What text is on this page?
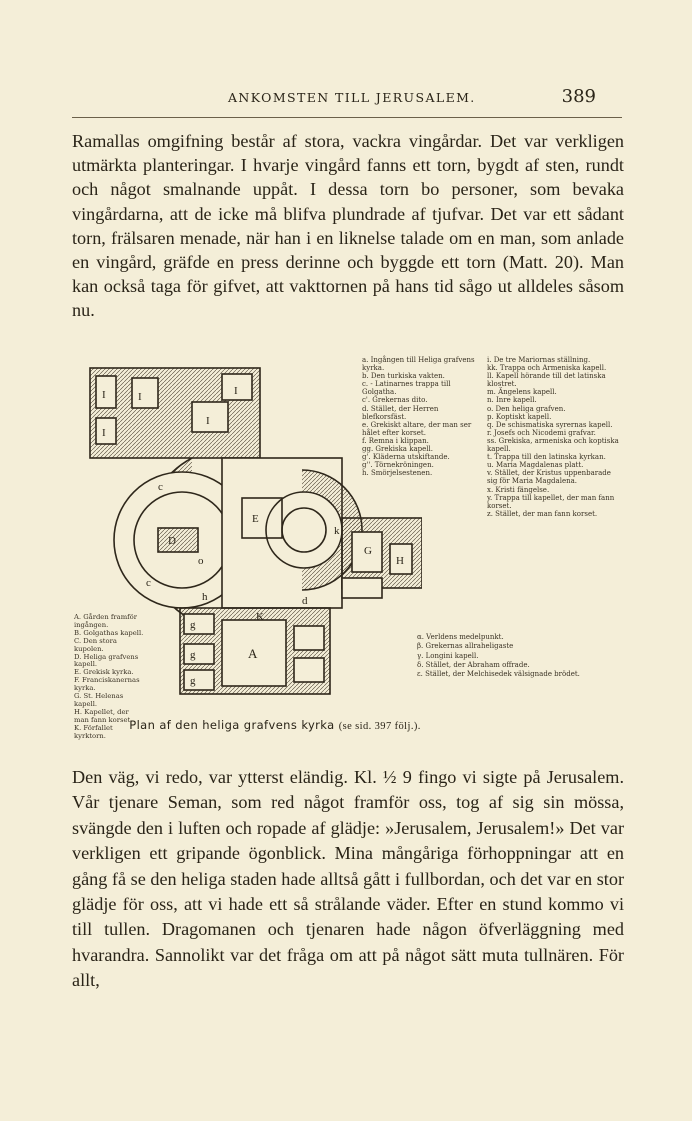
ANKOMSTEN TILL JERUSALEM.	389
Ramallas omgifning består af stora, vackra vingårdar. Det var verkligen utmärkta planteringar. I hvarje vingård fanns ett torn, bygdt af sten, rundt och något smalnande uppåt. I dessa torn bo personer, som bevaka vingårdarna, att de icke må blifva plundrade af tjufvar. Det var ett sådant torn, frälsaren menade, när han i en liknelse talade om en man, som anlade en vingård, gräfde en press derinne och byggde ett torn (Matt. 20). Man kan också taga för gifvet, att vakttornen på hans tid sågo ut alldeles såsom nu.
I
I
I	I
I
D
E
A
g
g
g
G
k
h
o
c
c
d
H
K
a. Ingången till Heliga grafvens kyrka.
b. Den turkiska vakten.
c. - Latinarnes trappa till Golgatha.
c'. Grekernas dito.
d. Stället, der Herren blefkorsfäst.
e. Grekiskt altare, der man ser hålet efter korset.
f. Remna i klippan.
gg. Grekiska kapell.
g'. Kläderna utskiftande.
g''. Törnekröningen.
h. Smörjelsestenen.
i. De tre Mariornas ställning.
kk. Trappa och Armeniska kapell.
ll. Kapell hörande till det latinska klostret.
m. Ängelens kapell.
n. Inre kapell.
o. Den heliga grafven.
p. Koptiskt kapell.
q. De schismatiska syrernas kapell.
r. Josefs och Nicodemi grafvar.
ss. Grekiska, armeniska och koptiska kapell.
t. Trappa till den latinska kyrkan.
u. Maria Magdalenas platt.
v. Stället, der Kristus uppenbarade sig för Maria Magdalena.
x. Kristi fängelse.
y. Trappa till kapellet, der man fann korset.
z. Stället, der man fann korset.
A. Gården framför ingången.
B. Golgathas kapell.
C. Den stora kupolen.
D. Heliga grafvens kapell.
E. Grekisk kyrka.
F. Franciskanernas kyrka.
G. St. Helenas kapell.
H. Kapellet, der man fann korset.
K. Förfallet kyrktorn.
α. Verldens medelpunkt.
β. Grekernas allraheligaste
γ. Longini kapell.
δ. Stället, der Abraham offrade.
ε. Stället, der Melchisedek välsignade brödet.
Plan af den heliga grafvens kyrka (se sid. 397 följ.).
Den väg, vi redo, var ytterst eländig. Kl. ½ 9 fingo vi sigte på Jerusalem. Vår tjenare Seman, som red något framför oss, tog af sig sin mössa, svängde den i luften och ropade af glädje: »Jerusalem, Jerusalem!» Det var verkligen ett gripande ögonblick. Mina mångåriga förhoppningar att en gång få se den heliga staden hade alltså gått i fullbordan, och det var en stor glädje för oss, att vi hade ett så strålande väder. Efter en stund kommo vi till tullen. Dragomanen och tjenaren hade någon öfverläggning med hvarandra. Sannolikt var det fråga om att på något sätt muta tullnären. För allt,
